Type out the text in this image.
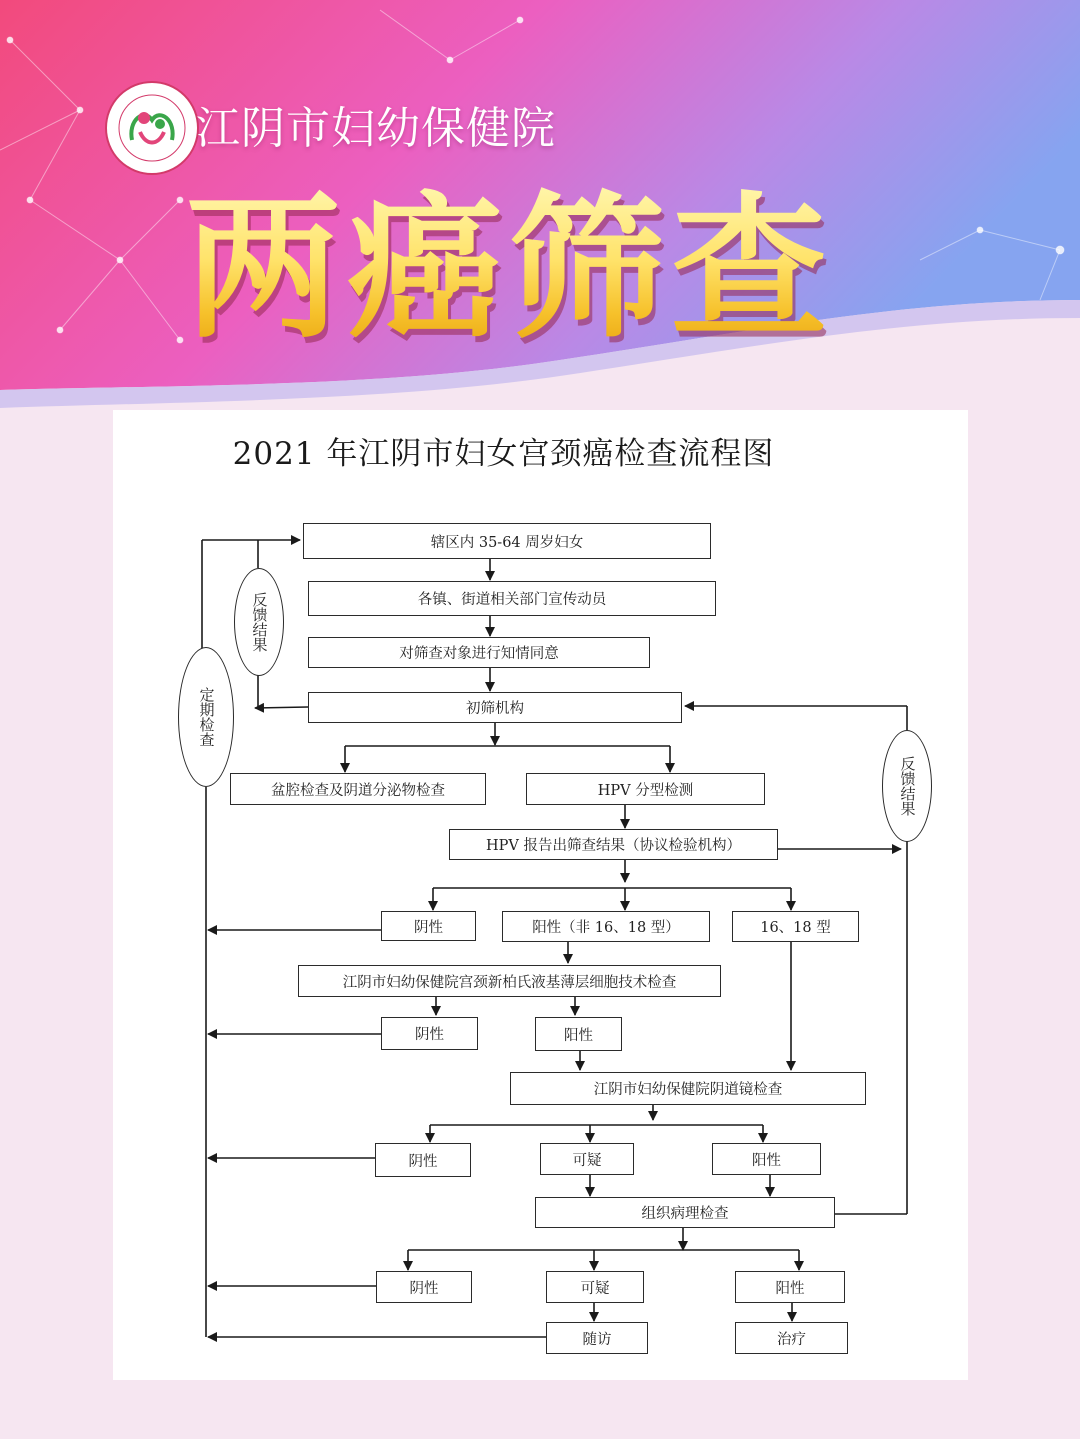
江阴市妇幼保健院
两癌筛查
2021 年江阴市妇女宫颈癌检查流程图
辖区内 35-64 周岁妇女
各镇、街道相关部门宣传动员
对筛查对象进行知情同意
初筛机构
盆腔检查及阴道分泌物检查	HPV 分型检测
HPV 报告出筛查结果（协议检验机构）
阴性	阳性（非 16、18 型）	16、18 型
江阴市妇幼保健院宫颈新柏氏液基薄层细胞技术检查
阴性	阳性
江阴市妇幼保健院阴道镜检查
阴性	可疑	阳性
组织病理检查
阴性	可疑	阳性
随访	治疗
反馈结果
定期检查
反馈结果
